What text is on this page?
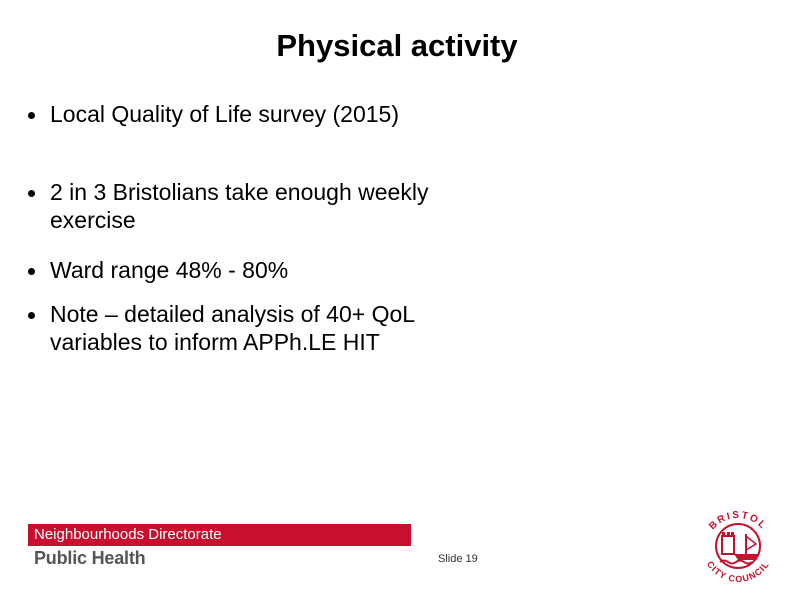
Physical activity
Local Quality of Life survey (2015)
2 in 3 Bristolians take enough weekly exercise
Ward range 48% - 80%
Note – detailed analysis of 40+ QoL variables to inform APPh.LE HIT
Neighbourhoods Directorate
Public Health	Slide 19
BRISTOL
CITY COUNCIL
